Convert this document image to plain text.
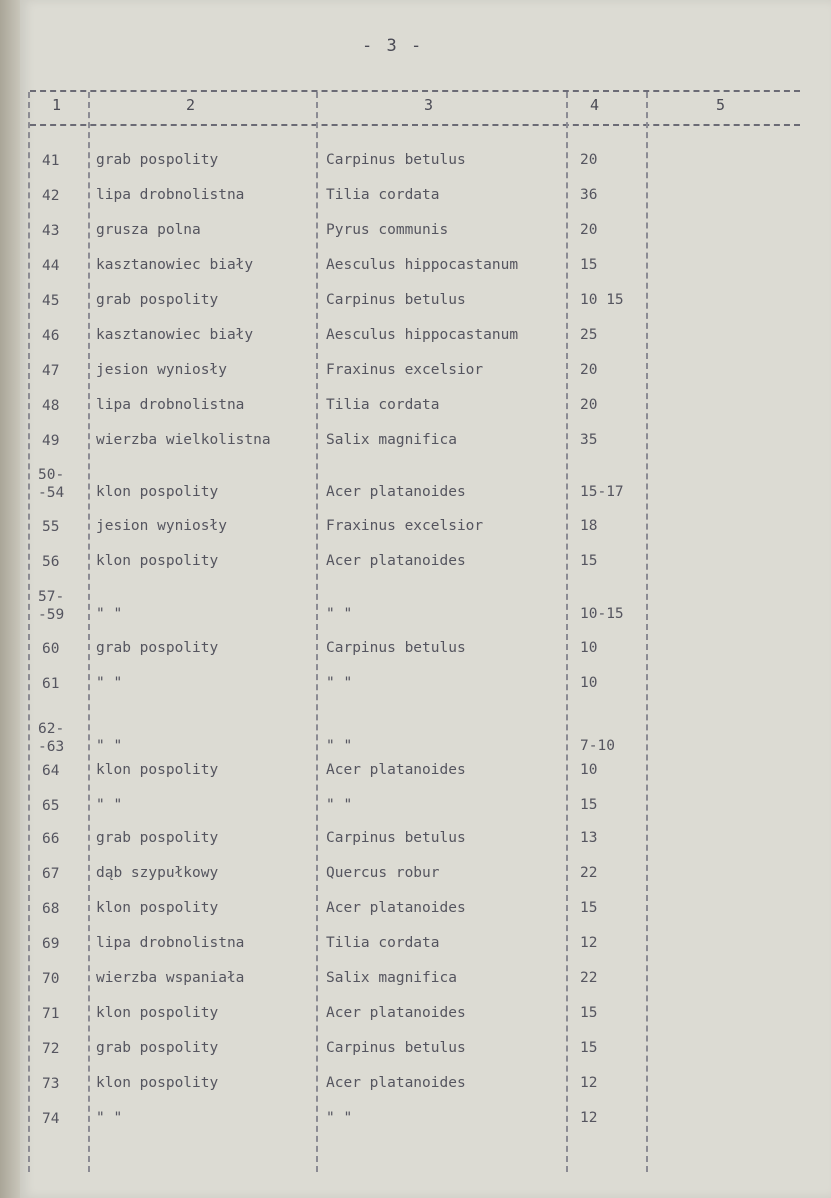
- 3 -
1	2	3	4	5
41	grab pospolity	Carpinus betulus	20
42	lipa drobnolistna	Tilia cordata	36
43	grusza polna	Pyrus communis	20
44	kasztanowiec biały	Aesculus hippocastanum	15
45	grab pospolity	Carpinus betulus	10 15
46	kasztanowiec biały	Aesculus hippocastanum	25
47	jesion wyniosły	Fraxinus excelsior	20
48	lipa drobnolistna	Tilia cordata	20
49	wierzba wielkolistna	Salix magnifica	35
50-
-54	klon pospolity	Acer platanoides	15-17
55	jesion wyniosły	Fraxinus excelsior	18
56	klon pospolity	Acer platanoides	15
57-
-59	" "	" "	10-15
60	grab pospolity	Carpinus betulus	10
61	" "	" "	10
62-
-63	" "	" "	7-10
64	klon pospolity	Acer platanoides	10
65	" "	" "	15
66	grab pospolity	Carpinus betulus	13
67	dąb szypułkowy	Quercus robur	22
68	klon pospolity	Acer platanoides	15
69	lipa drobnolistna	Tilia cordata	12
70	wierzba wspaniała	Salix magnifica	22
71	klon pospolity	Acer platanoides	15
72	grab pospolity	Carpinus betulus	15
73	klon pospolity	Acer platanoides	12
74	" "	" "	12
